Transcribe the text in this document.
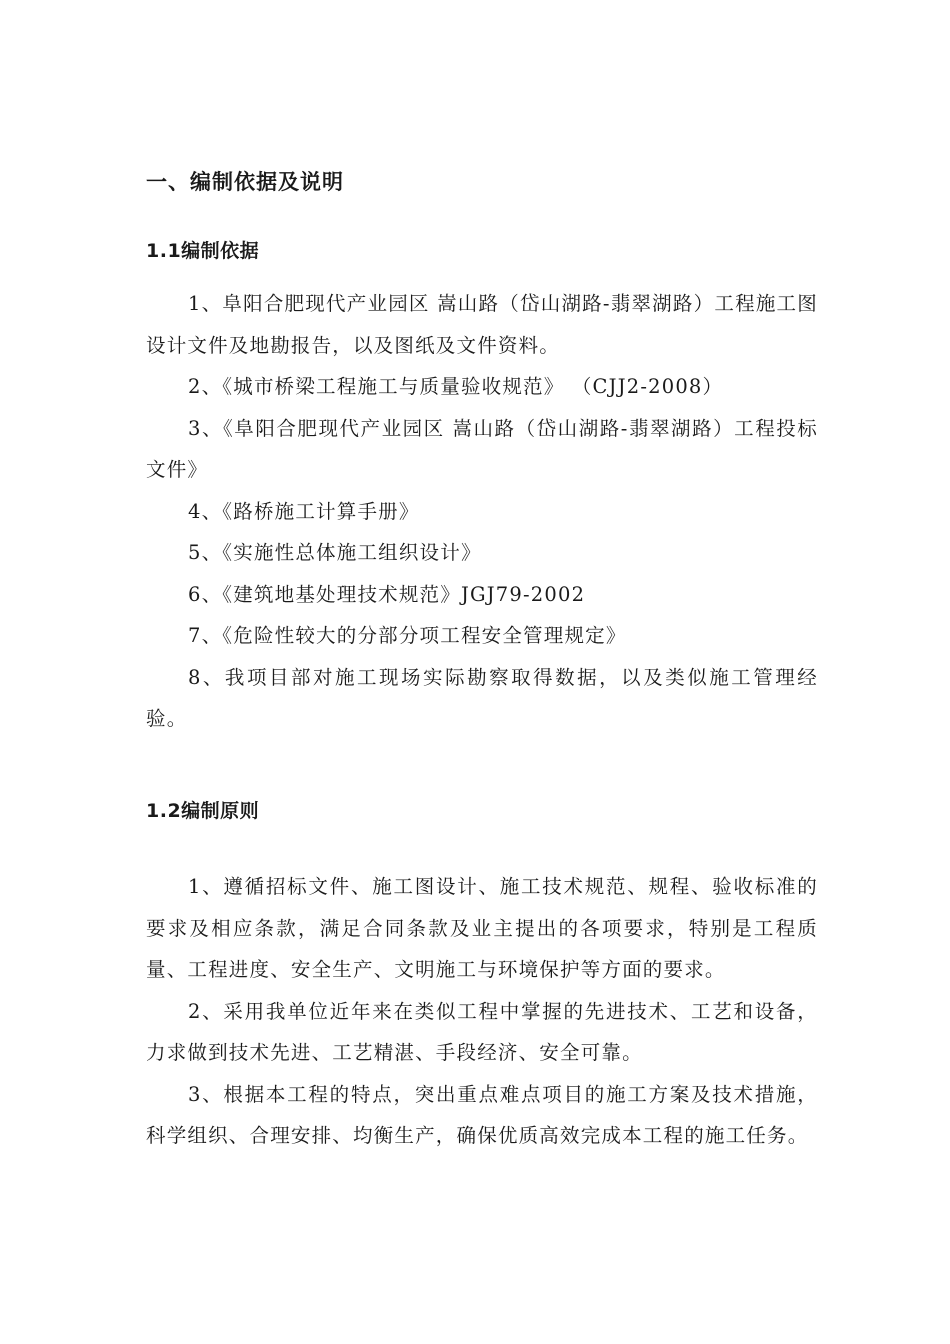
一、编制依据及说明
1.1编制依据

1、阜阳合肥现代产业园区 嵩山路（岱山湖路-翡翠湖路）工程施工图设计文件及地勘报告，以及图纸及文件资料。

2、《城市桥梁工程施工与质量验收规范》 （CJJ2-2008）

3、《阜阳合肥现代产业园区 嵩山路（岱山湖路-翡翠湖路）工程投标文件》

4、《路桥施工计算手册》

5、《实施性总体施工组织设计》

6、《建筑地基处理技术规范》JGJ79-2002

7、《危险性较大的分部分项工程安全管理规定》

8、我项目部对施工现场实际勘察取得数据，以及类似施工管理经验。

1.2编制原则

1、遵循招标文件、施工图设计、施工技术规范、规程、验收标准的要求及相应条款，满足合同条款及业主提出的各项要求，特别是工程质量、工程进度、安全生产、文明施工与环境保护等方面的要求。

2、采用我单位近年来在类似工程中掌握的先进技术、工艺和设备，力求做到技术先进、工艺精湛、手段经济、安全可靠。

3、根据本工程的特点，突出重点难点项目的施工方案及技术措施，科学组织、合理安排、均衡生产，确保优质高效完成本工程的施工任务。
